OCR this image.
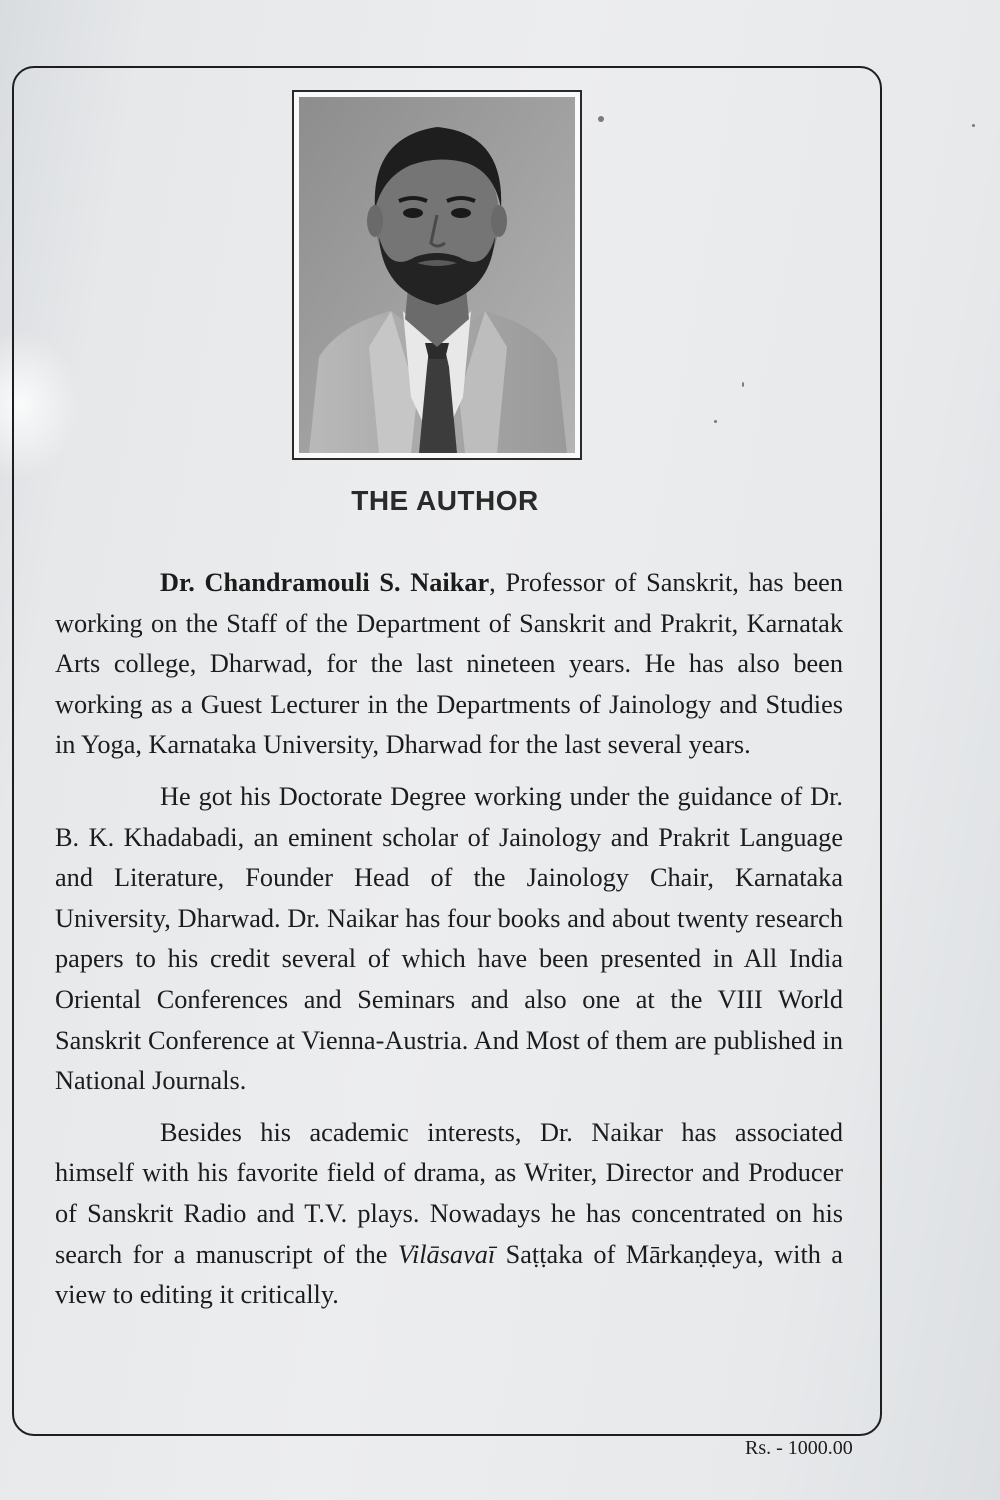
THE AUTHOR

Dr. Chandramouli S. Naikar, Professor of Sanskrit, has been working on the Staff of the Department of Sanskrit and Prakrit, Karnatak Arts college, Dharwad, for the last nineteen years. He has also been working as a Guest Lecturer in the Departments of Jainology and Studies in Yoga, Karnataka University, Dharwad for the last several years.

He got his Doctorate Degree working under the guidance of Dr. B. K. Khadabadi, an eminent scholar of Jainology and Prakrit Language and Literature, Founder Head of the Jainology Chair, Karnataka University, Dharwad. Dr. Naikar has four books and about twenty research papers to his credit several of which have been presented in All India Oriental Conferences and Seminars and also one at the VIII World Sanskrit Conference at Vienna-Austria. And Most of them are published in National Journals.

Besides his academic interests, Dr. Naikar has associated himself with his favorite field of drama, as Writer, Director and Producer of Sanskrit Radio and T.V. plays. Nowadays he has concentrated on his search for a manuscript of the Vilāsavaī Saṭṭaka of Mārkaṇḍeya, with a view to editing it critically.

Rs. - 1000.00
